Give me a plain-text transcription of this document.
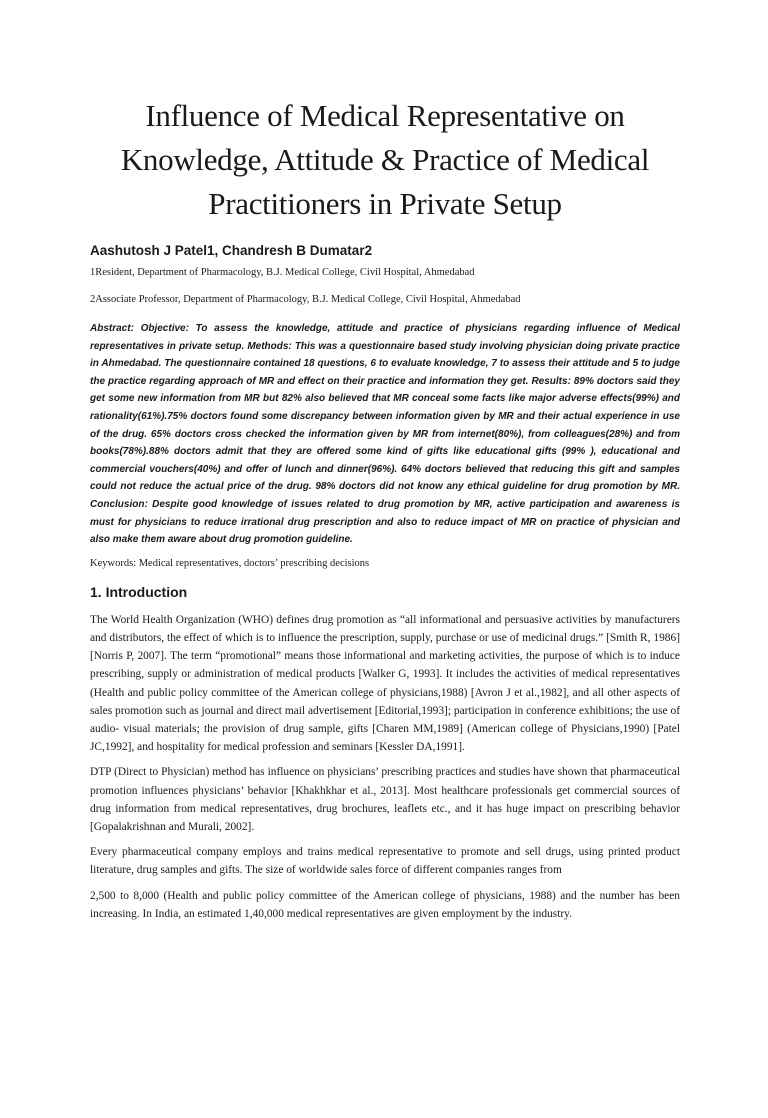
Influence of Medical Representative on Knowledge, Attitude & Practice of Medical Practitioners in Private Setup
Aashutosh J Patel1, Chandresh B Dumatar2
1Resident, Department of Pharmacology, B.J. Medical College, Civil Hospital, Ahmedabad
2Associate Professor, Department of Pharmacology, B.J. Medical College, Civil Hospital, Ahmedabad
Abstract: Objective: To assess the knowledge, attitude and practice of physicians regarding influence of Medical representatives in private setup. Methods: This was a questionnaire based study involving physician doing private practice in Ahmedabad. The questionnaire contained 18 questions, 6 to evaluate knowledge, 7 to assess their attitude and 5 to judge the practice regarding approach of MR and effect on their practice and information they get. Results: 89% doctors said they get some new information from MR but 82% also believed that MR conceal some facts like major adverse effects(99%) and rationality(61%).75% doctors found some discrepancy between information given by MR and their actual experience in use of the drug. 65% doctors cross checked the information given by MR from internet(80%), from colleagues(28%) and from books(78%).88% doctors admit that they are offered some kind of gifts like educational gifts (99% ), educational and commercial vouchers(40%) and offer of lunch and dinner(96%). 64% doctors believed that reducing this gift and samples could not reduce the actual price of the drug. 98% doctors did not know any ethical guideline for drug promotion by MR. Conclusion: Despite good knowledge of issues related to drug promotion by MR, active participation and awareness is must for physicians to reduce irrational drug prescription and also to reduce impact of MR on practice of physician and also make them aware about drug promotion guideline.
Keywords: Medical representatives, doctors’ prescribing decisions
1. Introduction

The World Health Organization (WHO) defines drug promotion as “all informational and persuasive activities by manufacturers and distributors, the effect of which is to influence the prescription, supply, purchase or use of medicinal drugs.” [Smith R, 1986] [Norris P, 2007]. The term “promotional” means those informational and marketing activities, the purpose of which is to induce prescribing, supply or administration of medical products [Walker G, 1993]. It includes the activities of medical representatives (Health and public policy committee of the American college of physicians,1988) [Avron J et al.,1982], and all other aspects of sales promotion such as journal and direct mail advertisement [Editorial,1993]; participation in conference exhibitions; the use of audio- visual materials; the provision of drug sample, gifts [Charen MM,1989] (American college of Physicians,1990) [Patel JC,1992], and hospitality for medical profession and seminars [Kessler DA,1991].

DTP (Direct to Physician) method has influence on physicians’ prescribing practices and studies have shown that pharmaceutical promotion influences physicians’ behavior [Khakhkhar et al., 2013]. Most healthcare professionals get commercial sources of drug information from medical representatives, drug brochures, leaflets etc., and it has huge impact on prescribing behavior [Gopalakrishnan and Murali, 2002].

Every pharmaceutical company employs and trains medical representative to promote and sell drugs, using printed product literature, drug samples and gifts. The size of worldwide sales force of different companies ranges from

2,500 to 8,000 (Health and public policy committee of the American college of physicians, 1988) and the number has been increasing. In India, an estimated 1,40,000 medical representatives are given employment by the industry.
